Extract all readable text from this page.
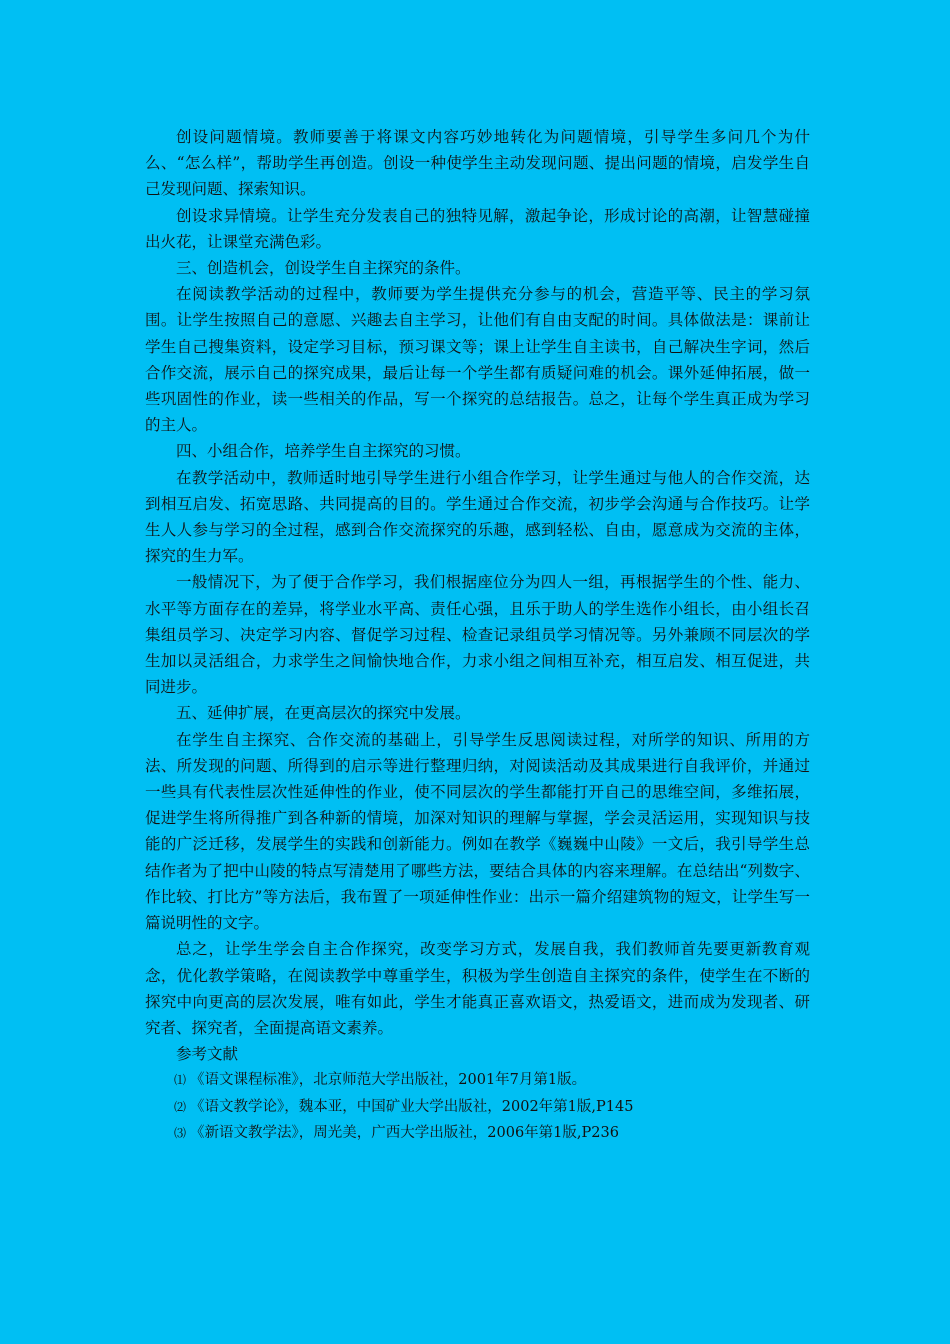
创设问题情境。教师要善于将课文内容巧妙地转化为问题情境，引导学生多问几个为什么、“怎么样”，帮助学生再创造。创设一种使学生主动发现问题、提出问题的情境，启发学生自己发现问题、探索知识。

创设求异情境。让学生充分发表自己的独特见解，激起争论，形成讨论的高潮，让智慧碰撞出火花，让课堂充满色彩。

三、创造机会，创设学生自主探究的条件。

在阅读教学活动的过程中，教师要为学生提供充分参与的机会，营造平等、民主的学习氛围。让学生按照自己的意愿、兴趣去自主学习，让他们有自由支配的时间。具体做法是：课前让学生自己搜集资料，设定学习目标，预习课文等；课上让学生自主读书，自己解决生字词，然后合作交流，展示自己的探究成果，最后让每一个学生都有质疑问难的机会。课外延伸拓展，做一些巩固性的作业，读一些相关的作品，写一个探究的总结报告。总之，让每个学生真正成为学习的主人。

四、小组合作，培养学生自主探究的习惯。

在教学活动中，教师适时地引导学生进行小组合作学习，让学生通过与他人的合作交流，达到相互启发、拓宽思路、共同提高的目的。学生通过合作交流，初步学会沟通与合作技巧。让学生人人参与学习的全过程，感到合作交流探究的乐趣，感到轻松、自由，愿意成为交流的主体，探究的生力军。

一般情况下，为了便于合作学习，我们根据座位分为四人一组，再根据学生的个性、能力、水平等方面存在的差异，将学业水平高、责任心强，且乐于助人的学生选作小组长，由小组长召集组员学习、决定学习内容、督促学习过程、检查记录组员学习情况等。另外兼顾不同层次的学生加以灵活组合，力求学生之间愉快地合作，力求小组之间相互补充，相互启发、相互促进，共同进步。

五、延伸扩展，在更高层次的探究中发展。

在学生自主探究、合作交流的基础上，引导学生反思阅读过程，对所学的知识、所用的方法、所发现的问题、所得到的启示等进行整理归纳，对阅读活动及其成果进行自我评价，并通过一些具有代表性层次性延伸性的作业，使不同层次的学生都能打开自己的思维空间，多维拓展，促进学生将所得推广到各种新的情境，加深对知识的理解与掌握，学会灵活运用，实现知识与技能的广泛迁移，发展学生的实践和创新能力。例如在教学《巍巍中山陵》一文后，我引导学生总结作者为了把中山陵的特点写清楚用了哪些方法，要结合具体的内容来理解。在总结出“列数字、作比较、打比方”等方法后，我布置了一项延伸性作业：出示一篇介绍建筑物的短文，让学生写一篇说明性的文字。

总之，让学生学会自主合作探究，改变学习方式，发展自我，我们教师首先要更新教育观念，优化教学策略，在阅读教学中尊重学生，积极为学生创造自主探究的条件，使学生在不断的探究中向更高的层次发展，唯有如此，学生才能真正喜欢语文，热爱语文，进而成为发现者、研究者、探究者，全面提高语文素养。

参考文献

⑴ 《语文课程标准》，北京师范大学出版社，2001年7月第1版。

⑵ 《语文教学论》，魏本亚，中国矿业大学出版社，2002年第1版,P145

⑶ 《新语文教学法》，周光美，广西大学出版社，2006年第1版,P236
